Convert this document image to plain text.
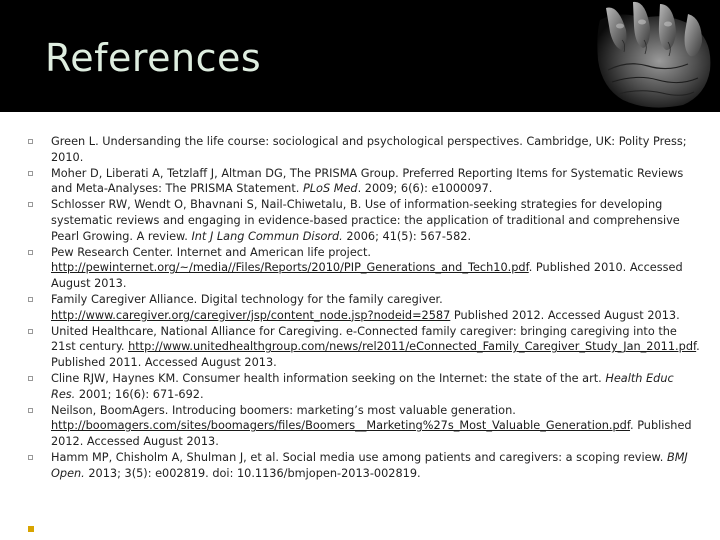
References
Green L. Undersanding the life course: sociological and psychological perspectives. Cambridge, UK: Polity Press; 2010.
Moher D, Liberati A, Tetzlaff J, Altman DG, The PRISMA Group. Preferred Reporting Items for Systematic Reviews and Meta-Analyses: The PRISMA Statement. PLoS Med. 2009; 6(6): e1000097.
Schlosser RW, Wendt O, Bhavnani S, Nail-Chiwetalu, B. Use of information-seeking strategies for developing systematic reviews and engaging in evidence-based practice: the application of traditional and comprehensive Pearl Growing. A review. Int J Lang Commun Disord. 2006; 41(5): 567-582.
Pew Research Center. Internet and American life project. http://pewinternet.org/~/media//Files/Reports/2010/PIP_Generations_and_Tech10.pdf. Published 2010. Accessed August 2013.
Family Caregiver Alliance. Digital technology for the family caregiver. http://www.caregiver.org/caregiver/jsp/content_node.jsp?nodeid=2587 Published 2012. Accessed August 2013.
United Healthcare, National Alliance for Caregiving. e-Connected family caregiver: bringing caregiving into the 21st century. http://www.unitedhealthgroup.com/news/rel2011/eConnected_Family_Caregiver_Study_Jan_2011.pdf. Published 2011. Accessed August 2013.
Cline RJW, Haynes KM. Consumer health information seeking on the Internet: the state of the art. Health Educ Res. 2001; 16(6): 671-692.
Neilson, BoomAgers. Introducing boomers: marketing’s most valuable generation. http://boomagers.com/sites/boomagers/files/Boomers__Marketing%27s_Most_Valuable_Generation.pdf. Published 2012. Accessed August 2013.
Hamm MP, Chisholm A, Shulman J, et al. Social media use among patients and caregivers: a scoping review. BMJ Open. 2013; 3(5): e002819. doi: 10.1136/bmjopen-2013-002819.
